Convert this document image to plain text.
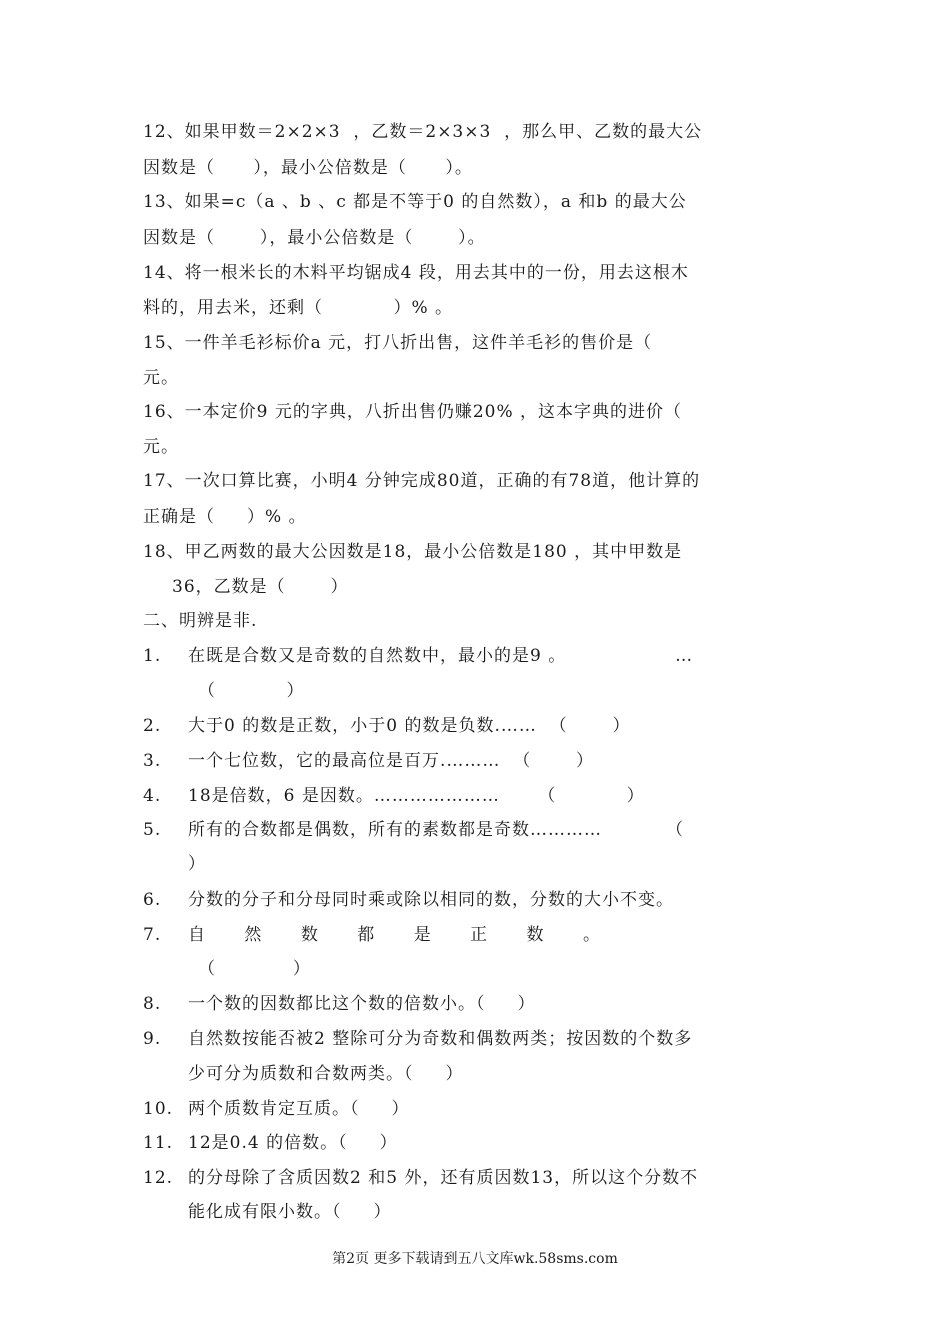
12、如果甲数＝2×2×3  ，乙数＝2×3×3  ，那么甲、乙数的最大公
因数是（      ），最小公倍数是（      ）。
13、如果=c（a 、b 、c 都是不等于0 的自然数），a 和b 的最大公
因数是（       ），最小公倍数是（       ）。
14、将一根米长的木料平均锯成4 段，用去其中的一份，用去这根木
料的，用去米，还剩（           ）% 。
15、一件羊毛衫标价a 元，打八折出售，这件羊毛衫的售价是（
元。
16、一本定价9 元的字典，八折出售仍赚20% ，这本字典的进价（
元。
17、一次口算比赛，小明4 分钟完成80道，正确的有78道，他计算的
正确是（     ）% 。
18、甲乙两数的最大公因数是18，最小公倍数是180 ，其中甲数是
36，乙数是（       ）
二、明辨是非.

1.

在既是合数又是奇数的自然数中，最小的是9 。                 …

（           ）

2.

大于0 的数是正数，小于0 的数是负数.……  （       ）

3.

一个七位数，它的最高位是百万.………  （       ）

4.

18是倍数，6 是因数。…………………      （           ）

5.

所有的合数都是偶数，所有的素数都是奇数…………          （

）

6.

分数的分子和分母同时乘或除以相同的数，分数的大小不变。

7.

自      然      数      都      是      正      数      。

（            ）

8.

一个数的因数都比这个数的倍数小。（     ）

9.

自然数按能否被2 整除可分为奇数和偶数两类；按因数的个数多

少可分为质数和合数两类。（     ）

10.

两个质数肯定互质。（     ）

11.

12是0.4 的倍数。（     ）

12.

的分母除了含质因数2 和5 外，还有质因数13，所以这个分数不

能化成有限小数。（     ）
第2页 更多下载请到五八文库wk.58sms.com
